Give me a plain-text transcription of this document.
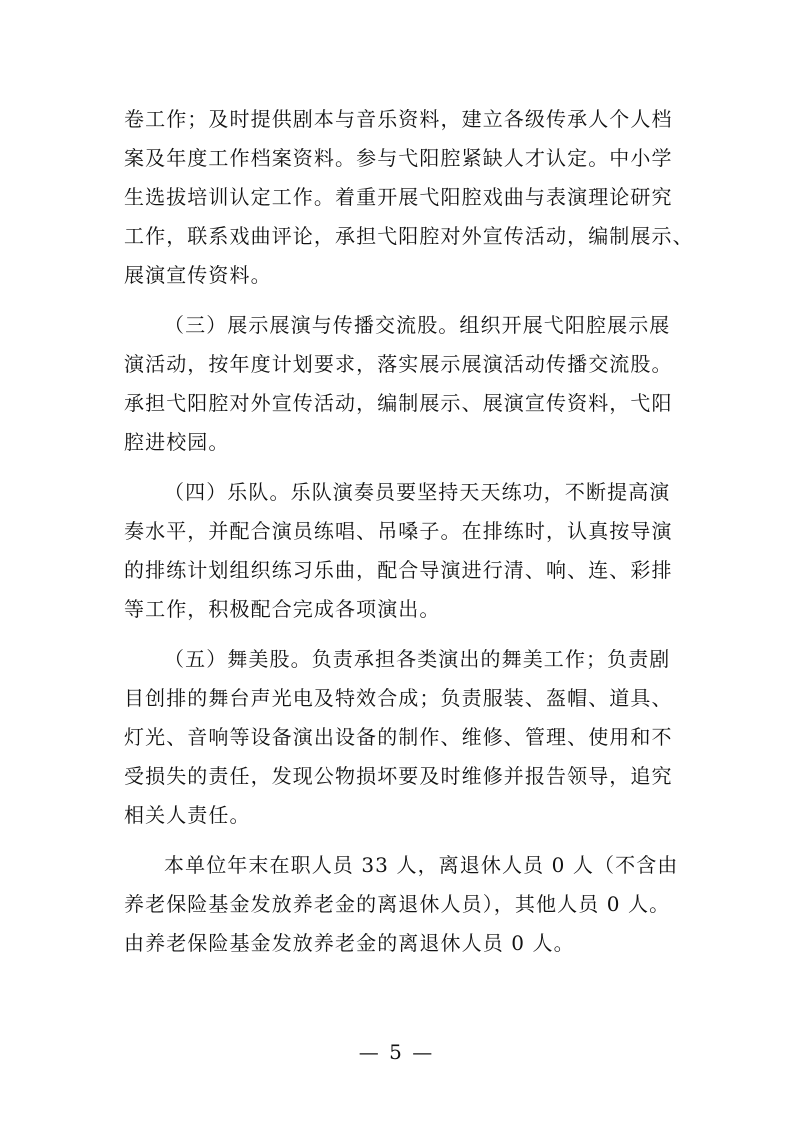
卷工作；及时提供剧本与音乐资料，建立各级传承人个人档
案及年度工作档案资料。参与弋阳腔紧缺人才认定。中小学
生选拔培训认定工作。着重开展弋阳腔戏曲与表演理论研究
工作，联系戏曲评论，承担弋阳腔对外宣传活动，编制展示、
展演宣传资料。
（三）展示展演与传播交流股。组织开展弋阳腔展示展
演活动，按年度计划要求，落实展示展演活动传播交流股。
承担弋阳腔对外宣传活动，编制展示、展演宣传资料，弋阳
腔进校园。
（四）乐队。乐队演奏员要坚持天天练功，不断提高演
奏水平，并配合演员练唱、吊嗓子。在排练时，认真按导演
的排练计划组织练习乐曲，配合导演进行清、响、连、彩排
等工作，积极配合完成各项演出。
（五）舞美股。负责承担各类演出的舞美工作；负责剧
目创排的舞台声光电及特效合成；负责服装、盔帽、道具、
灯光、音响等设备演出设备的制作、维修、管理、使用和不
受损失的责任，发现公物损坏要及时维修并报告领导，追究
相关人责任。
本单位年末在职人员 33 人，离退休人员 0 人（不含由
养老保险基金发放养老金的离退休人员），其他人员 0 人。
由养老保险基金发放养老金的离退休人员 0 人。
— 5 —
